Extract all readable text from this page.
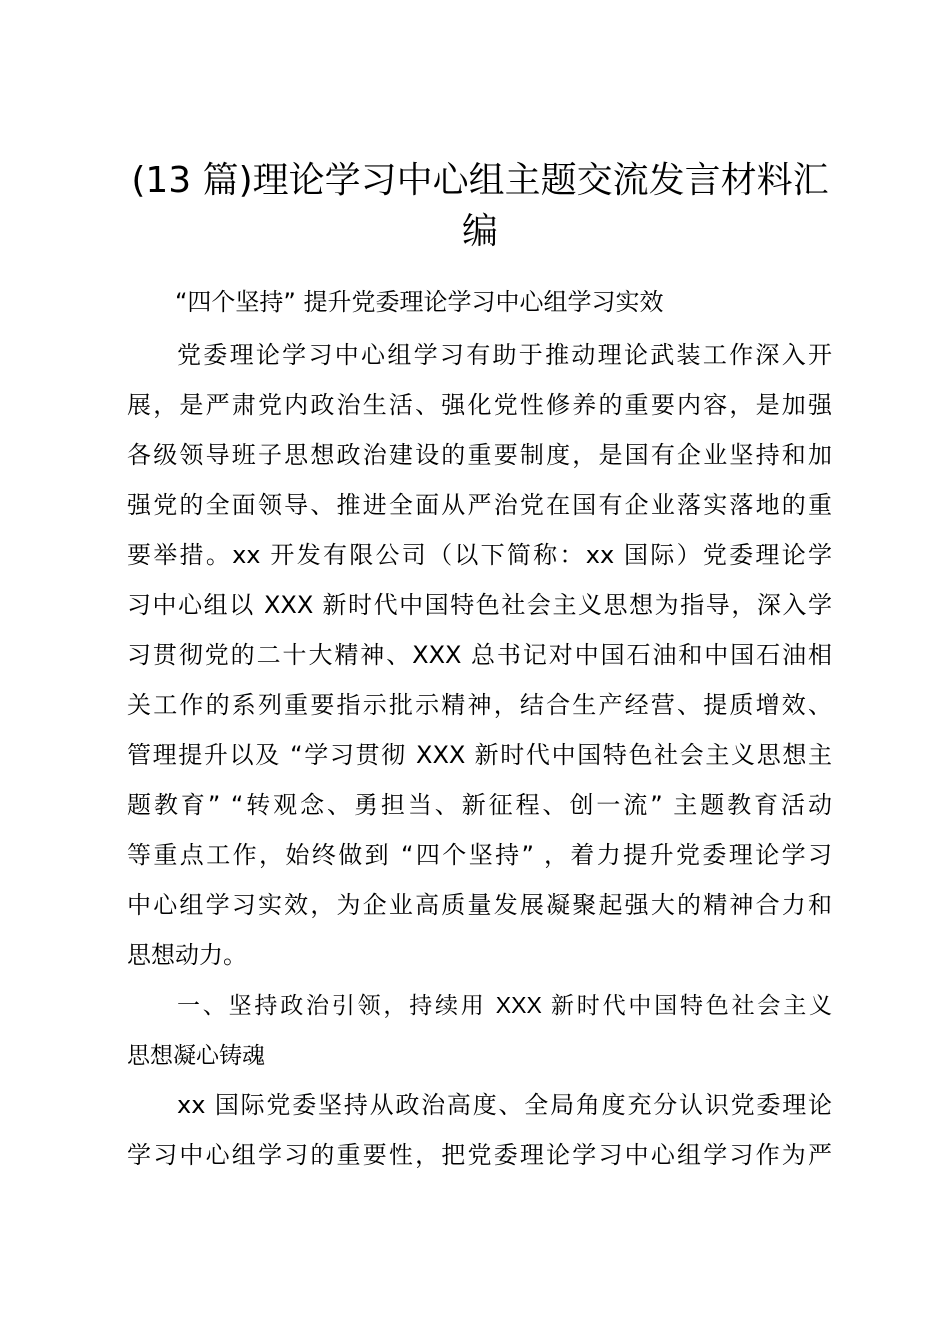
(13 篇)理论学习中心组主题交流发言材料汇
编

“四个坚持” 提升党委理论学习中心组学习实效

党委理论学习中心组学习有助于推动理论武装工作深入开
展，是严肃党内政治生活、强化党性修养的重要内容，是加强
各级领导班子思想政治建设的重要制度，是国有企业坚持和加
强党的全面领导、推进全面从严治党在国有企业落实落地的重
要举措。xx 开发有限公司（以下简称：xx 国际）党委理论学
习中心组以 XXX 新时代中国特色社会主义思想为指导，深入学
习贯彻党的二十大精神、XXX 总书记对中国石油和中国石油相
关工作的系列重要指示批示精神，结合生产经营、提质增效、
管理提升以及 “学习贯彻 XXX 新时代中国特色社会主义思想主
题教育” “转观念、勇担当、新征程、创一流” 主题教育活动
等重点工作，始终做到 “四个坚持” ，着力提升党委理论学习
中心组学习实效，为企业高质量发展凝聚起强大的精神合力和
思想动力。
一、坚持政治引领，持续用 XXX 新时代中国特色社会主义
思想凝心铸魂
xx 国际党委坚持从政治高度、全局角度充分认识党委理论
学习中心组学习的重要性，把党委理论学习中心组学习作为严
